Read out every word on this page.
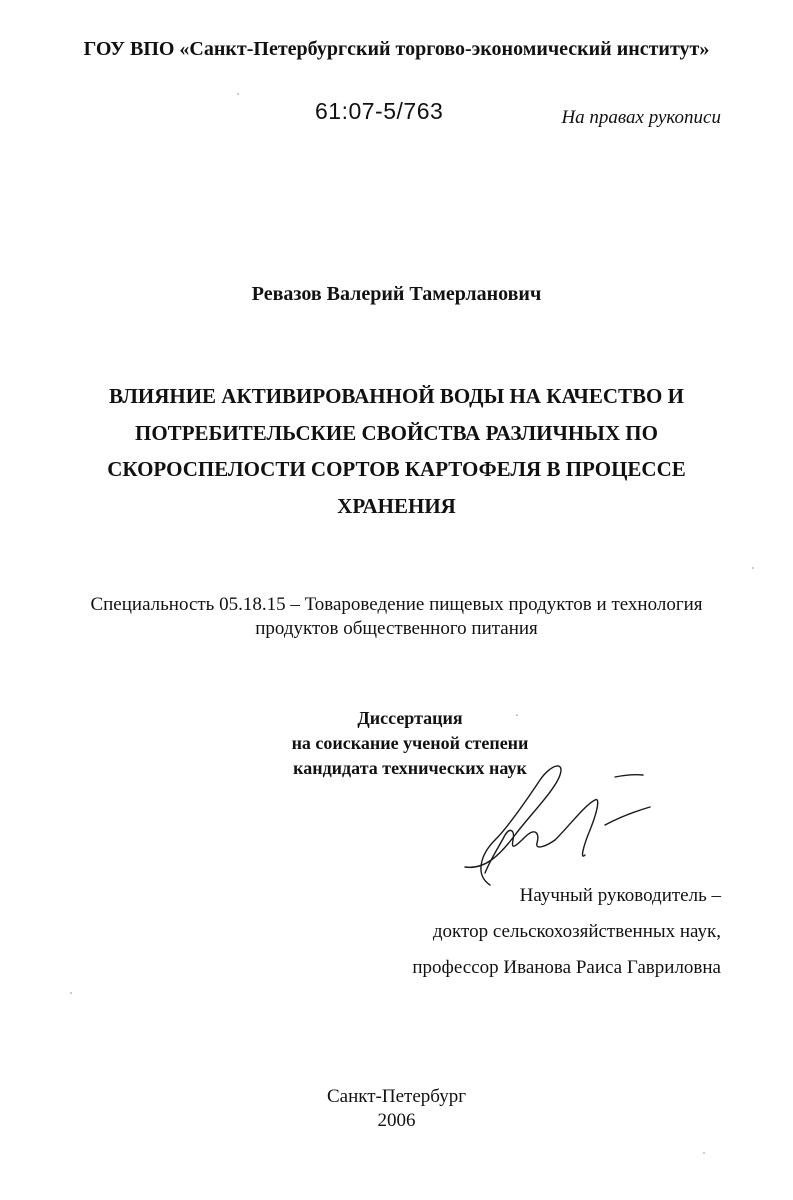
ГОУ ВПО «Санкт-Петербургский торгово-экономический институт»
61:07-5/763	На правах рукописи
Ревазов Валерий Тамерланович
ВЛИЯНИЕ АКТИВИРОВАННОЙ ВОДЫ НА КАЧЕСТВО И
ПОТРЕБИТЕЛЬСКИЕ СВОЙСТВА РАЗЛИЧНЫХ ПО
СКОРОСПЕЛОСТИ СОРТОВ КАРТОФЕЛЯ В ПРОЦЕССЕ
ХРАНЕНИЯ
Специальность 05.18.15 – Товароведение пищевых продуктов и технология
продуктов общественного питания
Диссертация
на соискание ученой степени
кандидата технических наук
Научный руководитель –
доктор сельскохозяйственных наук,
профессор Иванова Раиса Гавриловна
Санкт-Петербург
2006
